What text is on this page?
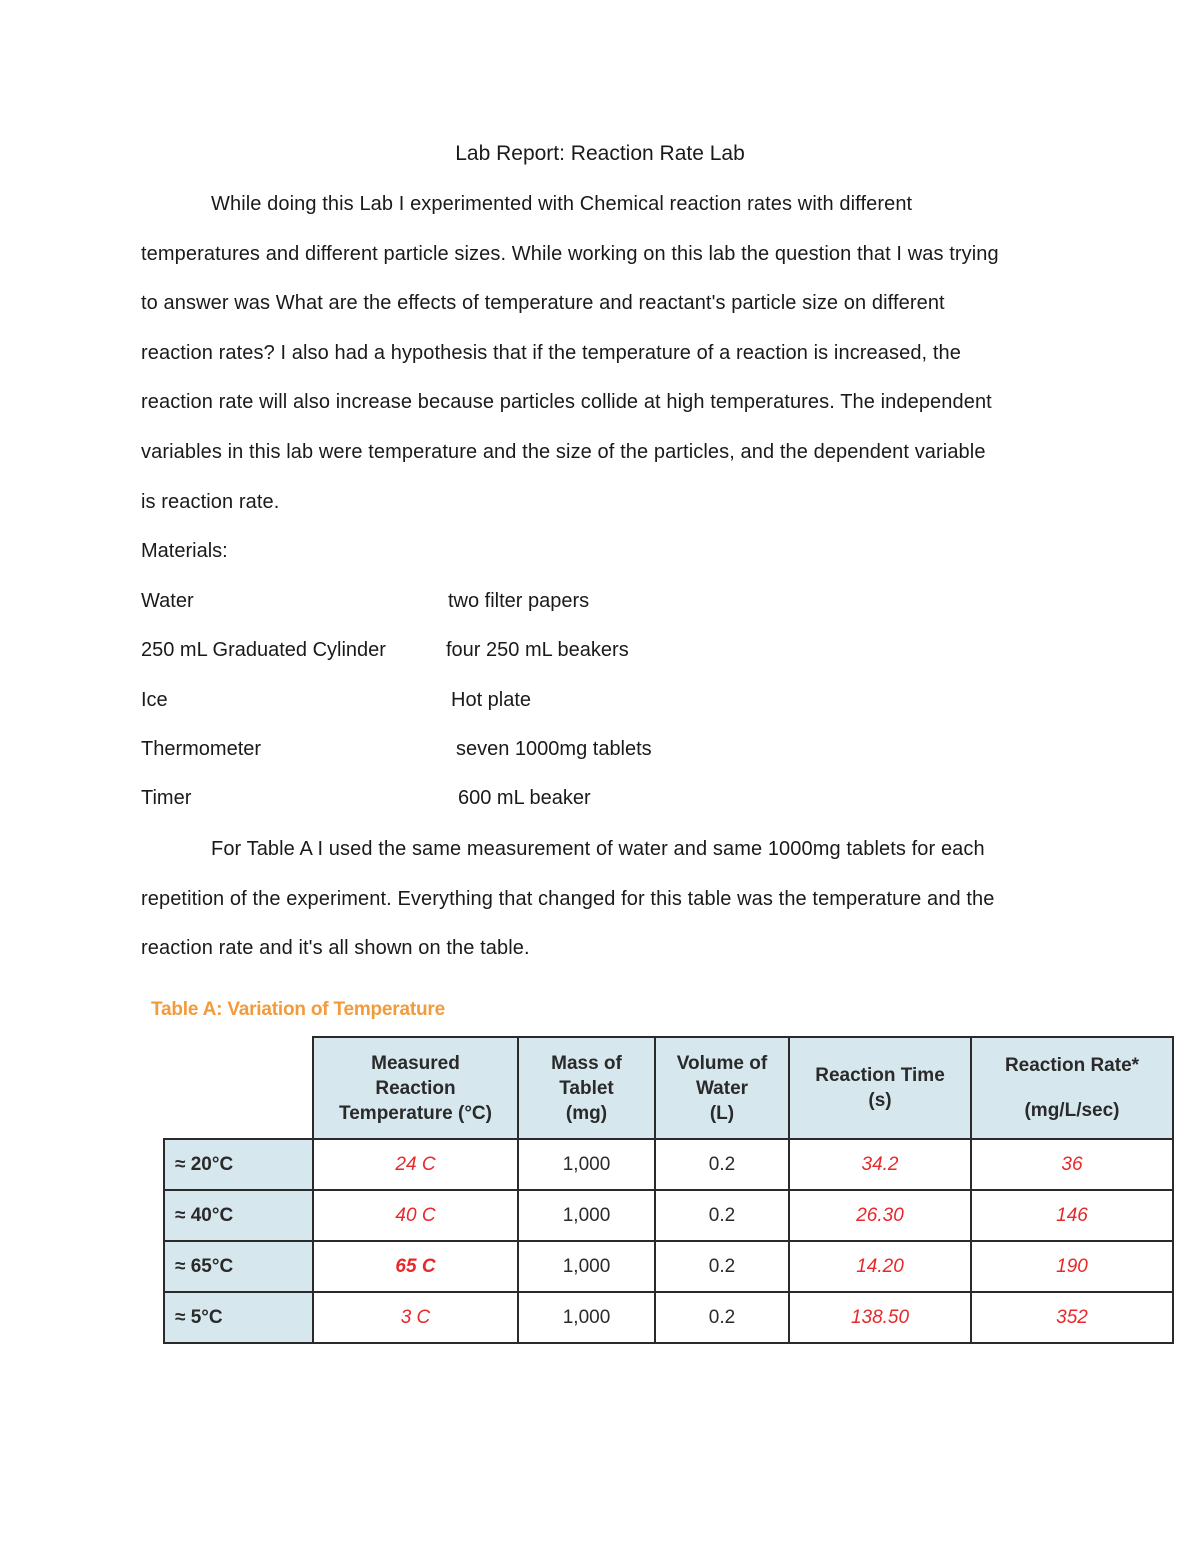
Lab Report: Reaction Rate Lab
While doing this Lab I experimented with Chemical reaction rates with different
temperatures and different particle sizes. While working on this lab the question that I was trying
to answer was What are the effects of temperature and reactant's particle size on different
reaction rates? I also had a hypothesis that if the temperature of a reaction is increased, the
reaction rate will also increase because particles collide at high temperatures. The independent
variables in this lab were temperature and the size of the particles, and the dependent variable
is reaction rate.
Materials:
Water	two filter papers
250 mL Graduated Cylinder	four 250 mL beakers
Ice	Hot plate
Thermometer	seven 1000mg tablets
Timer	600 mL beaker
For Table A I used the same measurement of water and same 1000mg tablets for each
repetition of the experiment. Everything that changed for this table was the temperature and the
reaction rate and it's all shown on the table.
Table A: Variation of Temperature
	Measured
Reaction
Temperature (°C)	Mass of
Tablet
(mg)	Volume of
Water
(L)	Reaction Time
(s)	Reaction Rate*
(mg/L/sec)
≈ 20°C	24 C	1,000	0.2	34.2	36
≈ 40°C	40 C	1,000	0.2	26.30	146
≈ 65°C	65 C	1,000	0.2	14.20	190
≈ 5°C	3 C	1,000	0.2	138.50	352
